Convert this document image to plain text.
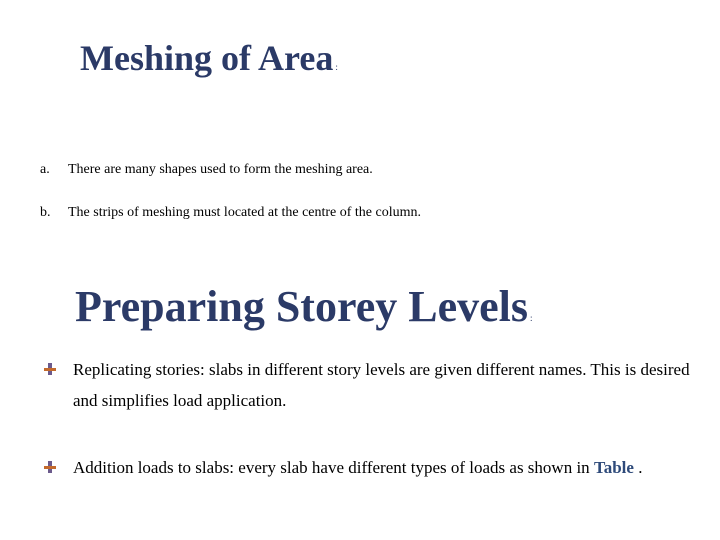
Meshing of Area :
a. There are many shapes used to form the meshing area.
b. The strips of meshing must located at the centre of the column.
Preparing Storey Levels :
Replicating stories: slabs in different story levels are given different names. This is desired and simplifies load application.
Addition loads to slabs: every slab have different types of loads as shown in Table .
